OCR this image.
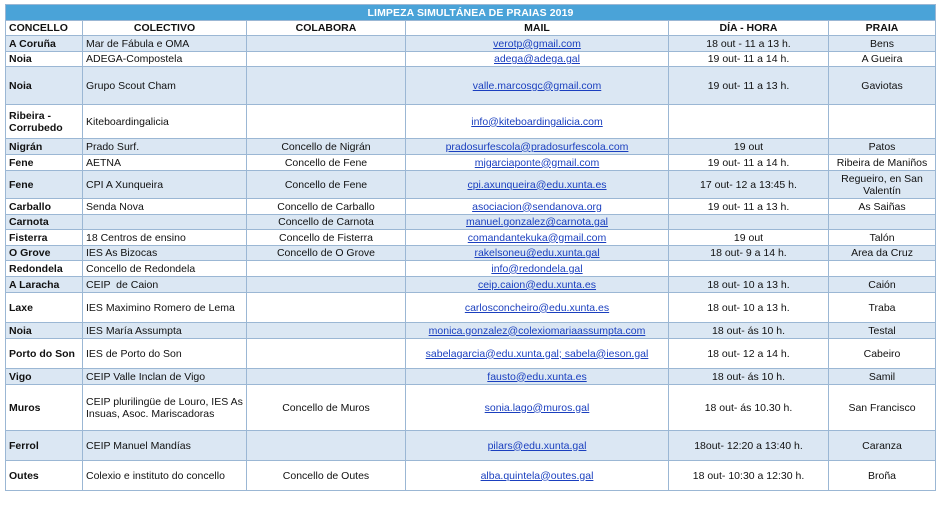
LIMPEZA SIMULTÁNEA DE PRAIAS 2019					
CONCELLO	COLECTIVO	COLABORA	MAIL	DÍA - HORA	PRAIA
A Coruña	Mar de Fábula e OMA		verotp@gmail.com	18 out - 11 a 13 h.	Bens
Noia	ADEGA-Compostela		adega@adega.gal	19 out- 11 a 14 h.	A Gueira
Noia	Grupo Scout Cham		valle.marcosgc@gmail.com	19 out- 11 a 13 h.	Gaviotas
Ribeira - Corrubedo	Kiteboardingalicia		info@kiteboardingalicia.com		
Nigrán	Prado Surf.	Concello de Nigrán	pradosurfescola@pradosurfescola.com	19 out	Patos
Fene	AETNA	Concello de Fene	mjgarciaponte@gmail.com	19 out- 11 a 14 h.	Ribeira de Maniños
Fene	CPI A Xunqueira	Concello de Fene	cpi.axunqueira@edu.xunta.es	17 out- 12 a 13:45 h.	Regueiro, en San Valentín
Carballo	Senda Nova	Concello de Carballo	asociacion@sendanova.org	19 out- 11 a 13 h.	As Saiñas
Carnota		Concello de Carnota	manuel.gonzalez@carnota.gal		
Fisterra	18 Centros de ensino	Concello de Fisterra	comandantekuka@gmail.com	19 out	Talón
O Grove	IES As Bizocas	Concello de O Grove	rakelsoneu@edu.xunta.gal	18 out- 9 a 14 h.	Area da Cruz
Redondela	Concello de Redondela		info@redondela.gal		
A Laracha	CEIP  de Caion		ceip.caion@edu.xunta.es	18 out- 10 a 13 h.	Caión
Laxe	IES Maximino Romero de Lema		carlosconcheiro@edu.xunta.es	18 out- 10 a 13 h.	Traba
Noia	IES María Assumpta		monica.gonzalez@colexiomariaassumpta.com	18 out- ás 10 h.	Testal
Porto do Son	IES de Porto do Son		sabelagarcia@edu.xunta.gal; sabela@ieson.gal	18 out- 12 a 14 h.	Cabeiro
Vigo	CEIP Valle Inclan de Vigo		fausto@edu.xunta.es	18 out- ás 10 h.	Samil
Muros	CEIP plurilingüe de Louro, IES As Insuas, Asoc. Mariscadoras	Concello de Muros	sonia.lago@muros.gal	18 out- ás 10.30 h.	San Francisco
Ferrol	CEIP Manuel Mandías		pilars@edu.xunta.gal	18out- 12:20 a 13:40 h.	Caranza
Outes	Colexio e instituto do concello	Concello de Outes	alba.quintela@outes.gal	18 out- 10:30 a 12:30 h.	Broña
